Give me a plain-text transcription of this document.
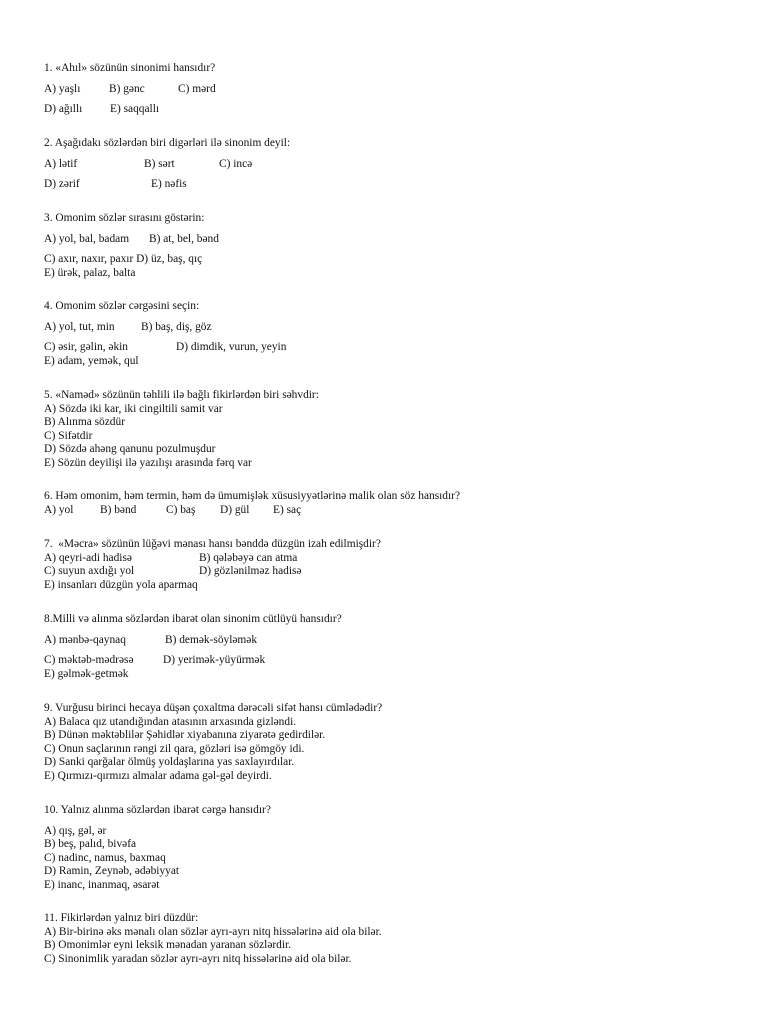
1. «Ahıl» sözünün sinonimi hansıdır?

A) yaşlı

	B) gənc

	C) mərd

D) ağıllı

E) saqqallı

2. Aşağıdakı sözlərdən biri digərləri ilə sinonim deyil:

A) lətif

	B) sərt

	C) incə

D) zərif

	E) nəfis

3. Omonim sözlər sırasını göstərin:

A) yol, bal, badam

B) at, bel, bənd

C) axır, naxır, paxır D) üz, baş, qıç

E) ürək, palaz, balta

4. Omonim sözlər cərgəsini seçin:

A) yol, tut, min

B) baş, diş, göz

C) əsir, gəlin, əkin

	D) dimdik, vurun, yeyin

E) adam, yemək, qul

5. «Naməd» sözünün təhlili ilə bağlı fikirlərdən biri səhvdir:
A) Sözdə iki kar, iki cingiltili samit var
B) Alınma sözdür
C) Sifətdir
D) Sözdə ahəng qanunu pozulmuşdur
E) Sözün deyilişi ilə yazılışı arasında fərq var
6. Həm omonim, həm termin, həm də ümumişlək xüsusiyyətlərinə malik olan söz hansıdır?

A) yol

B) bənd

	C) baş

D) gül

E) saç

7.  «Məcra» sözünün lüğəvi mənası hansı bənddə düzgün izah edilmişdir?

A) qeyri-adi hadisə

	B) qələbəyə can atma

C) suyun axdığı yol

	D) gözlənilməz hadisə

E) insanları düzgün yola aparmaq
8.Milli və alınma sözlərdən ibarət olan sinonim cütlüyü hansıdır?

A) mənbə-qaynaq

	B) demək-söyləmək

C) məktəb-mədrəsə

	D) yerimək-yüyürmək

E) gəlmək-getmək
9. Vurğusu birinci hecaya düşən çoxaltma dərəcəli sifət hansı cümlədədir?
A) Balaca qız utandığından atasının arxasında gizləndi.
B) Dünən məktəblilər Şəhidlər xiyabanına ziyarətə gedirdilər.
C) Onun saçlarının rəngi zil qara, gözləri isə gömgöy idi.
D) Sanki qarğalar ölmüş yoldaşlarına yas saxlayırdılar.
E) Qırmızı-qırmızı almalar adama gəl-gəl deyirdi.
10. Yalnız alınma sözlərdən ibarət cərgə hansıdır?
A) qış, gəl, ər
B) beş, palıd, bivəfa
C) nadinc, namus, baxmaq
D) Ramin, Zeynəb, ədəbiyyat
E) inanc, inanmaq, əsarət
11. Fikirlərdən yalnız biri düzdür:
A) Bir-birinə əks mənalı olan sözlər ayrı-ayrı nitq hissələrinə aid ola bilər.
B) Omonimlər eyni leksik mənadan yaranan sözlərdir.
C) Sinonimlik yaradan sözlər ayrı-ayrı nitq hissələrinə aid ola bilər.
